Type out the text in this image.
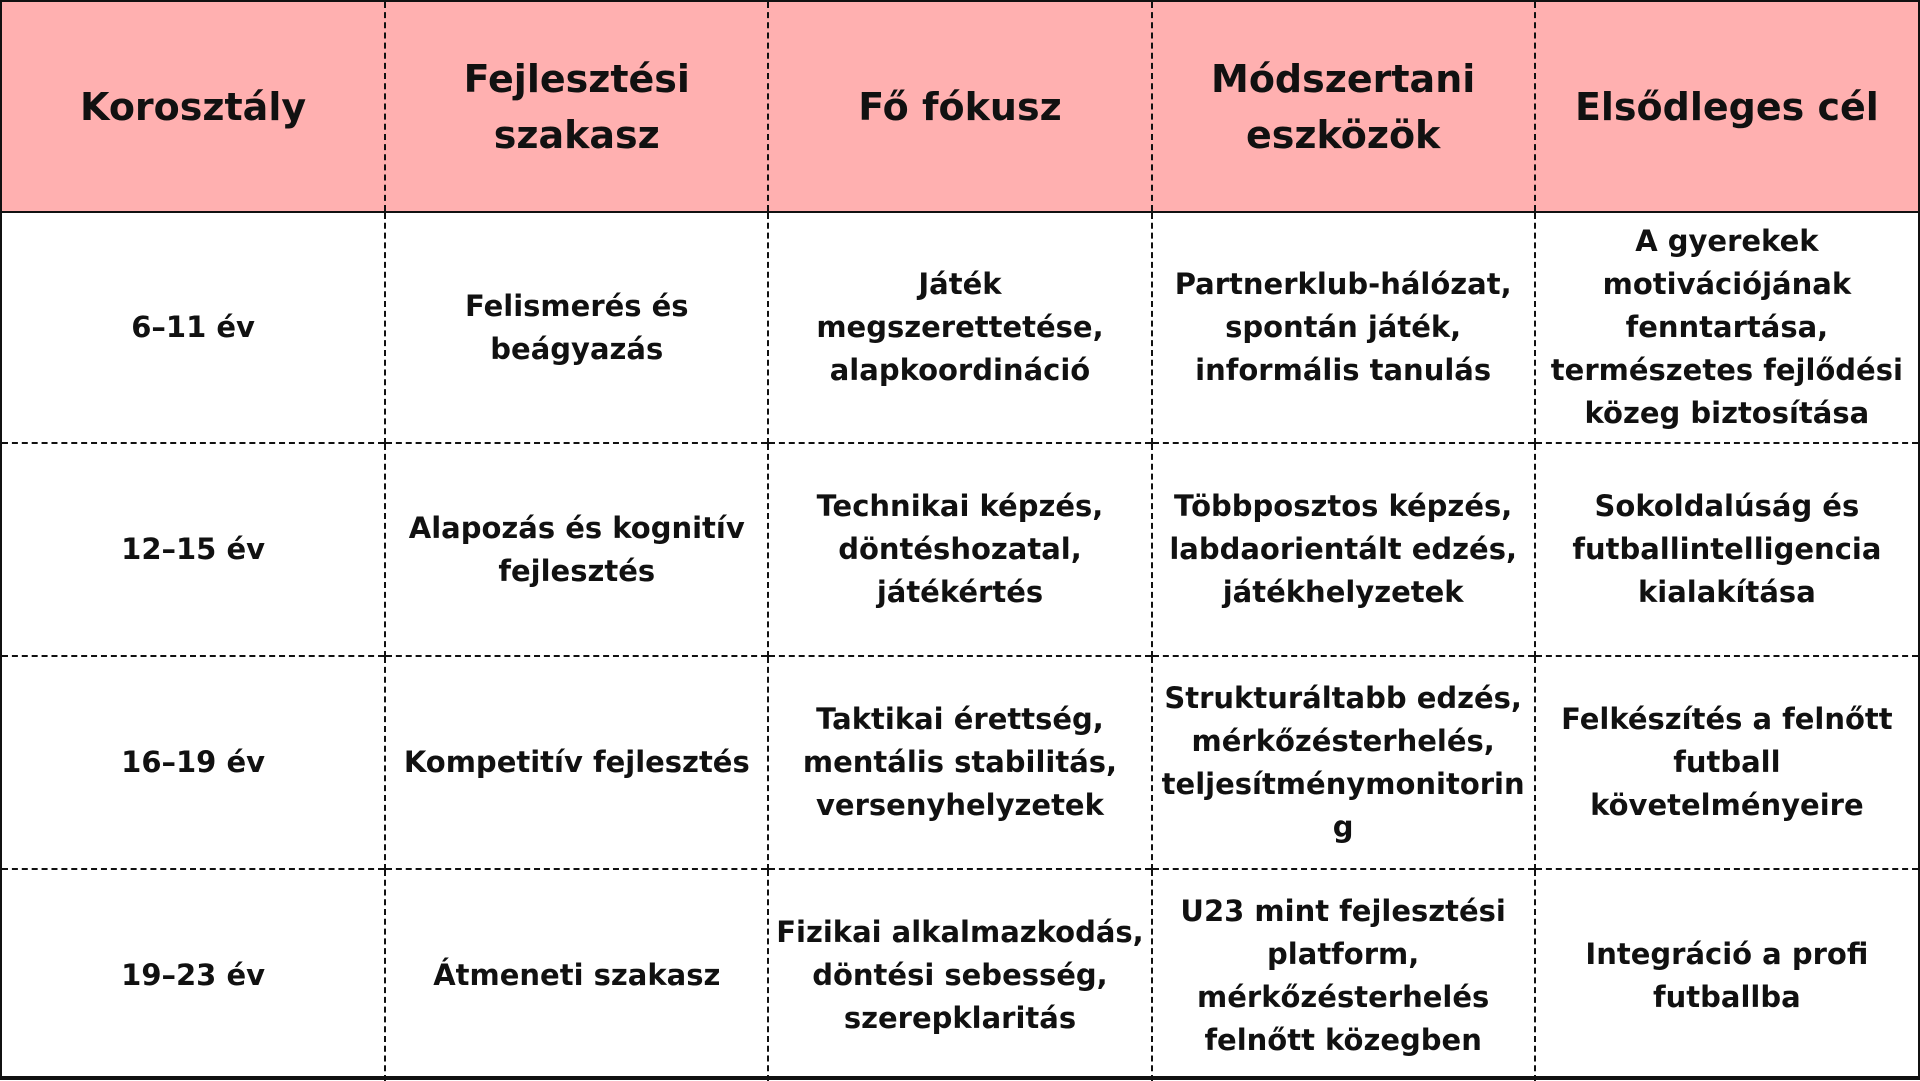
Korosztály	Fejlesztési szakasz	Fő fókusz	Módszertani eszközök	Elsődleges cél
6–11 év	Felismerés és beágyazás	Játék megszerettetése, alapkoordináció	Partnerklub-hálózat, spontán játék, informális tanulás	A gyerekek motivációjának fenntartása, természetes fejlődési közeg biztosítása
12–15 év	Alapozás és kognitív fejlesztés	Technikai képzés, döntéshozatal, játékértés	Többposztos képzés, labdaorientált edzés, játékhelyzetek	Sokoldalúság és futballintelligencia kialakítása
16–19 év	Kompetitív fejlesztés	Taktikai érettség, mentális stabilitás, versenyhelyzetek	Strukturáltabb edzés, mérkőzésterhelés, teljesítménymonitoring	Felkészítés a felnőtt futball követelményeire
19–23 év	Átmeneti szakasz	Fizikai alkalmazkodás, döntési sebesség, szerepklaritás	U23 mint fejlesztési platform, mérkőzésterhelés felnőtt közegben	Integráció a profi futballba
